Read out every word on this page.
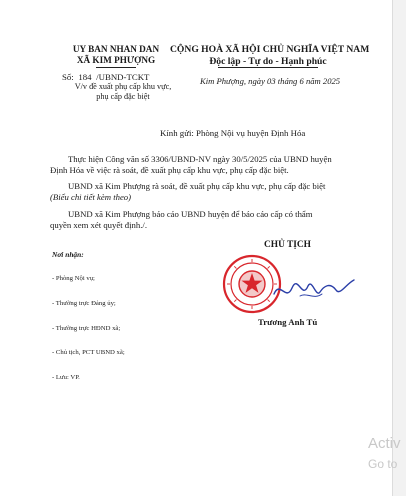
UY BAN NHAN DAN
XÃ KIM PHƯỢNG
Số: 184 /UBND-TCKT
V/v đề xuất phụ cấp khu vực,
phụ cấp đặc biệt
CỘNG HOÀ XÃ HỘI CHỦ NGHĨA VIỆT NAM
Độc lập - Tự do - Hạnh phúc
Kim Phượng, ngày 03 tháng 6 năm 2025
Kính gửi: Phòng Nội vụ huyện Định Hóa
Thực hiện Công văn số 3306/UBND-NV ngày 30/5/2025 của UBND huyện
Định Hóa về việc rà soát, đề xuất phụ cấp khu vực, phụ cấp đặc biệt.
UBND xã Kim Phượng rà soát, đề xuất phụ cấp khu vực, phụ cấp đặc biệt
(Biểu chi tiết kèm theo)
UBND xã Kim Phượng báo cáo UBND huyện để báo cáo cấp có thẩm
quyền xem xét quyết định./.
Nơi nhận:

- Phòng Nội vụ;

- Thường trực Đảng ủy;

- Thường trực HĐND xã;

- Chủ tịch, PCT UBND xã;

- Lưu: VP.

CHỦ TỊCH
Trương Anh Tú
Activ
Go to
